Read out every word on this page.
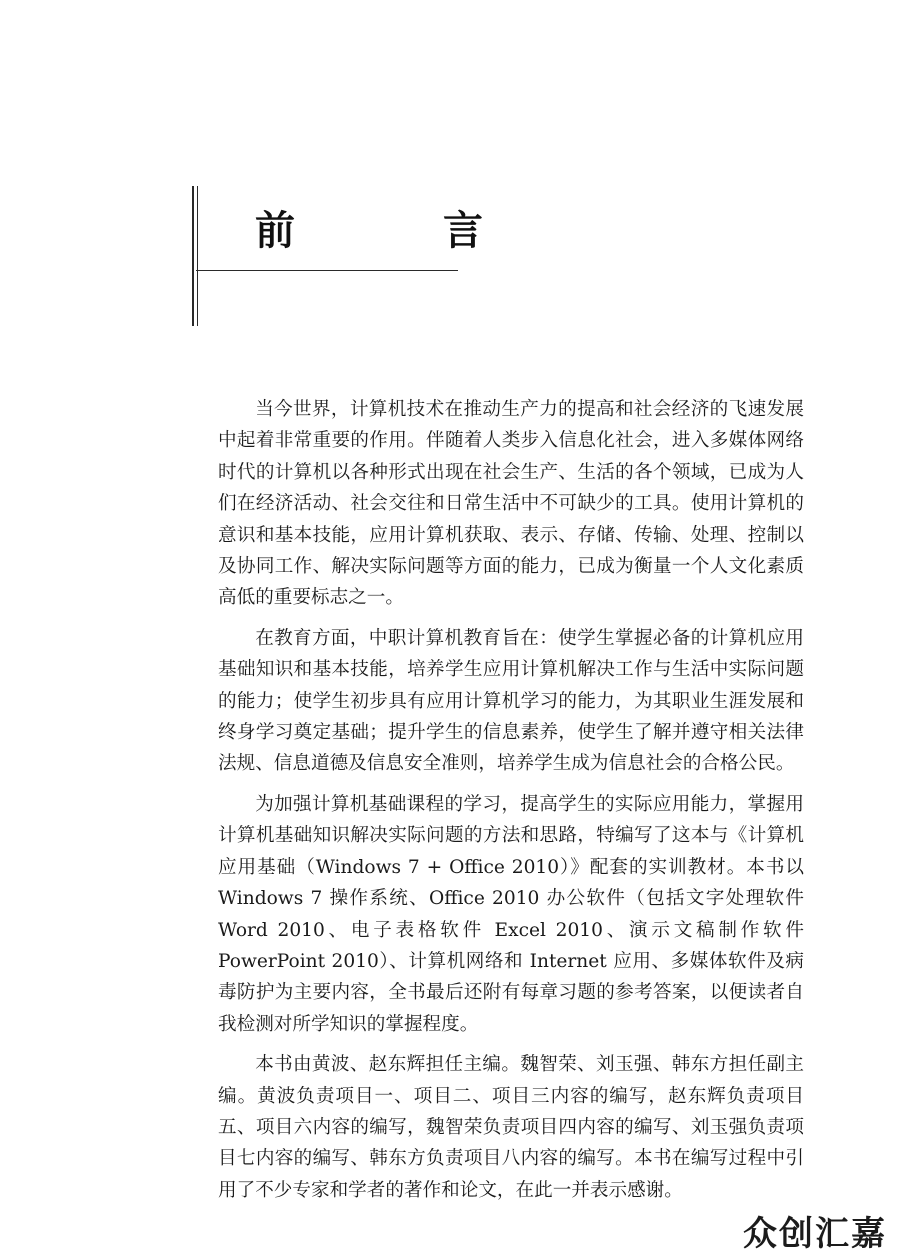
前　言

当今世界，计算机技术在推动生产力的提高和社会经济的飞速发展中起着非常重要的作用。伴随着人类步入信息化社会，进入多媒体网络时代的计算机以各种形式出现在社会生产、生活的各个领域，已成为人们在经济活动、社会交往和日常生活中不可缺少的工具。使用计算机的意识和基本技能，应用计算机获取、表示、存储、传输、处理、控制以及协同工作、解决实际问题等方面的能力，已成为衡量一个人文化素质高低的重要标志之一。

在教育方面，中职计算机教育旨在：使学生掌握必备的计算机应用基础知识和基本技能，培养学生应用计算机解决工作与生活中实际问题的能力；使学生初步具有应用计算机学习的能力，为其职业生涯发展和终身学习奠定基础；提升学生的信息素养，使学生了解并遵守相关法律法规、信息道德及信息安全准则，培养学生成为信息社会的合格公民。

为加强计算机基础课程的学习，提高学生的实际应用能力，掌握用计算机基础知识解决实际问题的方法和思路，特编写了这本与《计算机应用基础（Windows 7 + Office 2010）》配套的实训教材。本书以 Windows 7 操作系统、Office 2010 办公软件（包括文字处理软件 Word 2010、电子表格软件 Excel 2010、演示文稿制作软件 PowerPoint 2010）、计算机网络和 Internet 应用、多媒体软件及病毒防护为主要内容，全书最后还附有每章习题的参考答案，以便读者自我检测对所学知识的掌握程度。

本书由黄波、赵东辉担任主编。魏智荣、刘玉强、韩东方担任副主编。黄波负责项目一、项目二、项目三内容的编写，赵东辉负责项目五、项目六内容的编写，魏智荣负责项目四内容的编写、刘玉强负责项目七内容的编写、韩东方负责项目八内容的编写。本书在编写过程中引用了不少专家和学者的著作和论文，在此一并表示感谢。

众创汇嘉
